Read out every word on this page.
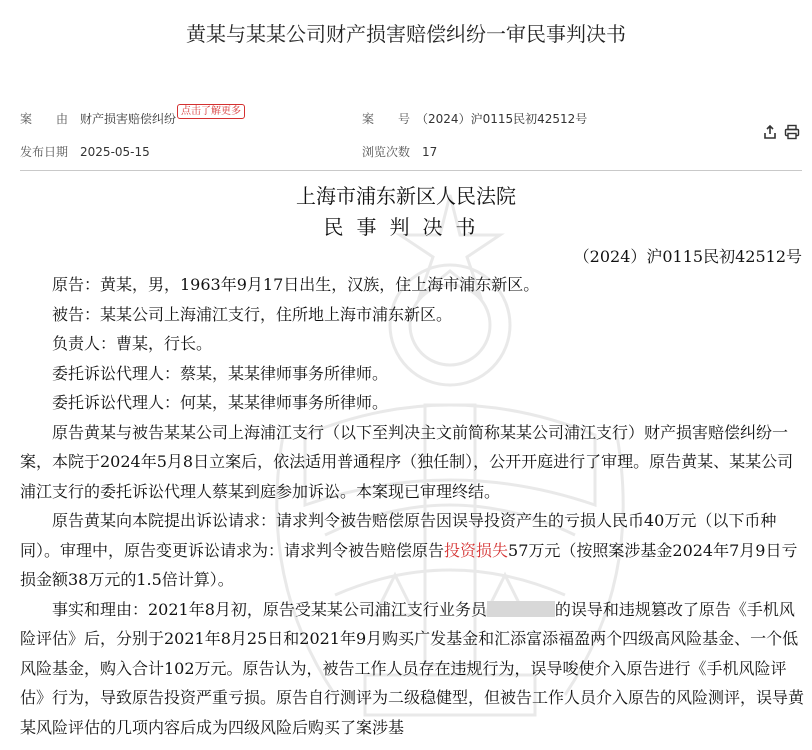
黄某与某某公司财产损害赔偿纠纷一审民事判决书
案　　由　 财产损害赔偿纠纷
点击了解更多
案　　号　 （2024）沪0115民初42512号
发布日期　 2025-05-15	浏览次数　 17
上海市浦东新区人民法院
民事判决书
（2024）沪0115民初42512号

原告：黄某，男，1963年9月17日出生，汉族，住上海市浦东新区。

被告：某某公司上海浦江支行，住所地上海市浦东新区。

负责人：曹某，行长。

委托诉讼代理人：蔡某，某某律师事务所律师。

委托诉讼代理人：何某，某某律师事务所律师。

原告黄某与被告某某公司上海浦江支行（以下至判决主文前简称某某公司浦江支行）财产损害赔偿纠纷一案，本院于2024年5月8日立案后，依法适用普通程序（独任制），公开开庭进行了审理。原告黄某、某某公司浦江支行的委托诉讼代理人蔡某到庭参加诉讼。本案现已审理终结。

原告黄某向本院提出诉讼请求：请求判令被告赔偿原告因误导投资产生的亏损人民币40万元（以下币种同）。审理中，原告变更诉讼请求为：请求判令被告赔偿原告投资损失57万元（按照案涉基金2024年7月9日亏损金额38万元的1.5倍计算）。

事实和理由：2021年8月初，原告受某某公司浦江支行业务员	的误导和违规篡改了原告《手机风险评估》后，分别于2021年8月25日和2021年9月购买广发基金和汇添富添福盈两个四级高风险基金、一个低风险基金，购入合计102万元。原告认为，被告工作人员存在违规行为，误导唆使介入原告进行《手机风险评估》行为，导致原告投资严重亏损。原告自行测评为二级稳健型，但被告工作人员介入原告的风险测评，误导黄某风险评估的几项内容后成为四级风险后购买了案涉基
